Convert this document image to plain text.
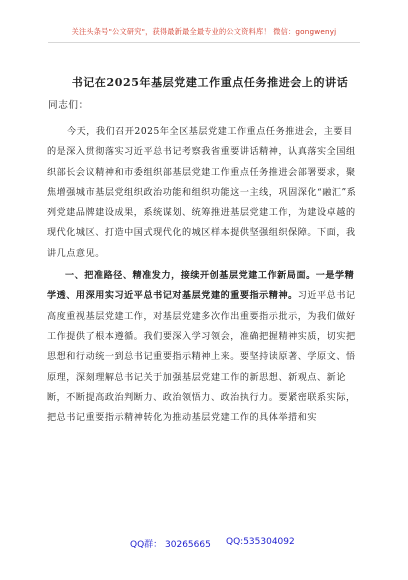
关注头条号"公文研究"，获得最新最全最专业的公文资料库！ 微信：gongwenyj
书记在2025年基层党建工作重点任务推进会上的讲话
同志们：

今天，我们召开2025年全区基层党建工作重点任务推进会，主要目的是深入贯彻落实习近平总书记考察我省重要讲话精神，认真落实全国组织部长会议精神和市委组织部基层党建工作重点任务推进会部署要求，聚焦增强城市基层党组织政治功能和组织功能这一主线，巩固深化“融汇”系列党建品牌建设成果，系统谋划、统筹推进基层党建工作，为建设卓越的现代化城区、打造中国式现代化的城区样本提供坚强组织保障。下面，我讲几点意见。

一、把准路径、精准发力，接续开创基层党建工作新局面。一是学精学透、用深用实习近平总书记对基层党建的重要指示精神。习近平总书记高度重视基层党建工作，对基层党建多次作出重要指示批示，为我们做好工作提供了根本遵循。我们要深入学习领会，准确把握精神实质，切实把思想和行动统一到总书记重要指示精神上来。要坚持读原著、学原文、悟原理，深刻理解总书记关于加强基层党建工作的新思想、新观点、新论断，不断提高政治判断力、政治领悟力、政治执行力。要紧密联系实际，把总书记重要指示精神转化为推动基层党建工作的具体举措和实

QQ群： 30265665 QQ:535304092
